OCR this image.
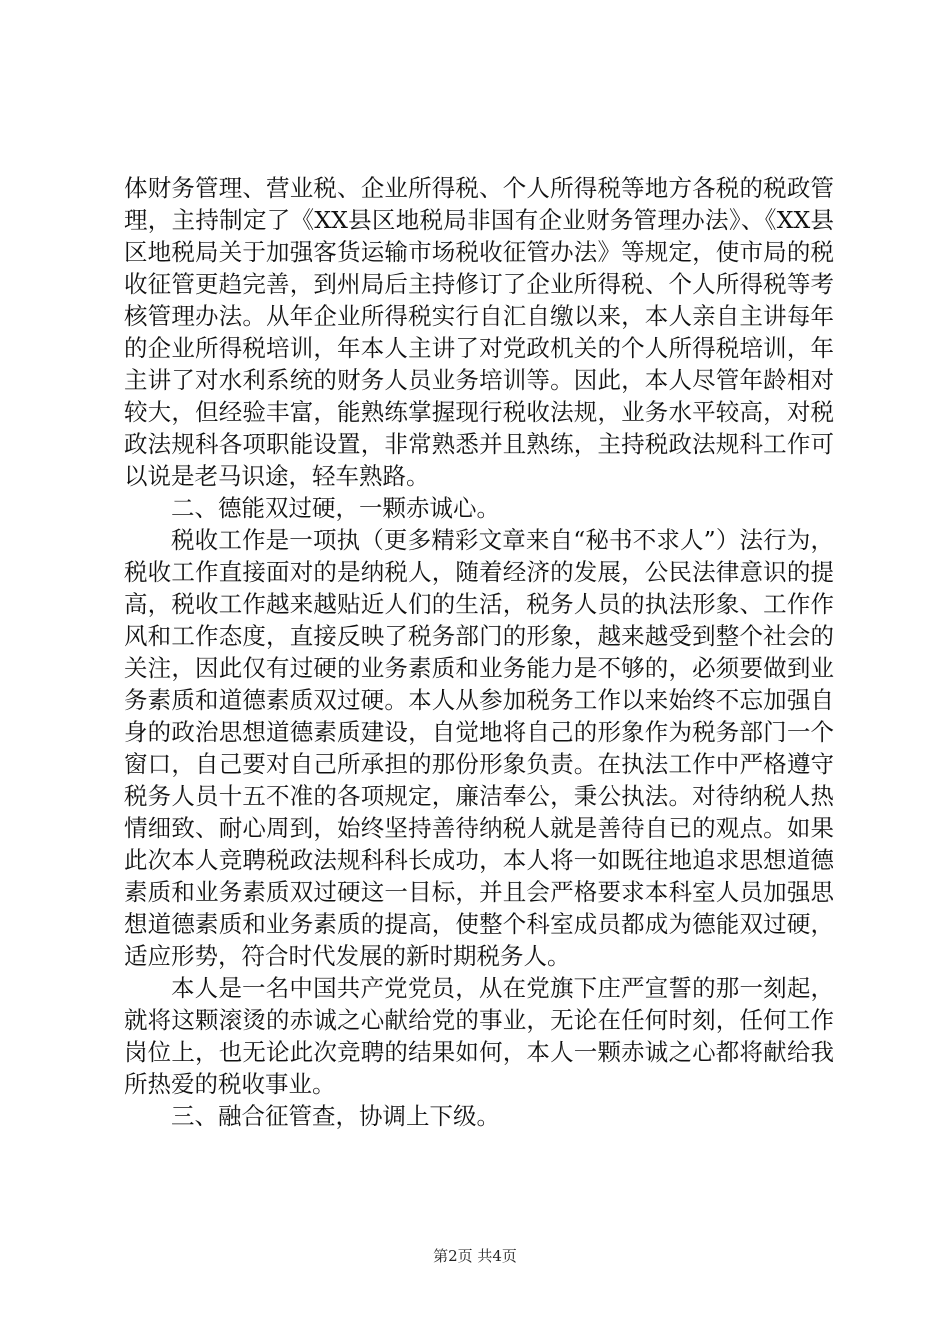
体财务管理、营业税、企业所得税、个人所得税等地方各税的税政管理，主持制定了《XX县区地税局非国有企业财务管理办法》、《XX县区地税局关于加强客货运输市场税收征管办法》等规定，使市局的税收征管更趋完善，到州局后主持修订了企业所得税、个人所得税等考核管理办法。从年企业所得税实行自汇自缴以来，本人亲自主讲每年的企业所得税培训，年本人主讲了对党政机关的个人所得税培训，年主讲了对水利系统的财务人员业务培训等。因此，本人尽管年龄相对较大，但经验丰富，能熟练掌握现行税收法规，业务水平较高，对税政法规科各项职能设置，非常熟悉并且熟练，主持税政法规科工作可以说是老马识途，轻车熟路。

二、德能双过硬，一颗赤诚心。

税收工作是一项执（更多精彩文章来自“秘书不求人”）法行为，税收工作直接面对的是纳税人，随着经济的发展，公民法律意识的提高，税收工作越来越贴近人们的生活，税务人员的执法形象、工作作风和工作态度，直接反映了税务部门的形象，越来越受到整个社会的关注，因此仅有过硬的业务素质和业务能力是不够的，必须要做到业务素质和道德素质双过硬。本人从参加税务工作以来始终不忘加强自身的政治思想道德素质建设，自觉地将自己的形象作为税务部门一个窗口，自己要对自己所承担的那份形象负责。在执法工作中严格遵守税务人员十五不准的各项规定，廉洁奉公，秉公执法。对待纳税人热情细致、耐心周到，始终坚持善待纳税人就是善待自已的观点。如果此次本人竞聘税政法规科科长成功，本人将一如既往地追求思想道德素质和业务素质双过硬这一目标，并且会严格要求本科室人员加强思想道德素质和业务素质的提高，使整个科室成员都成为德能双过硬，适应形势，符合时代发展的新时期税务人。

本人是一名中国共产党党员，从在党旗下庄严宣誓的那一刻起，就将这颗滚烫的赤诚之心献给党的事业，无论在任何时刻，任何工作岗位上，也无论此次竞聘的结果如何，本人一颗赤诚之心都将献给我所热爱的税收事业。

三、融合征管查，协调上下级。

第2页 共4页
